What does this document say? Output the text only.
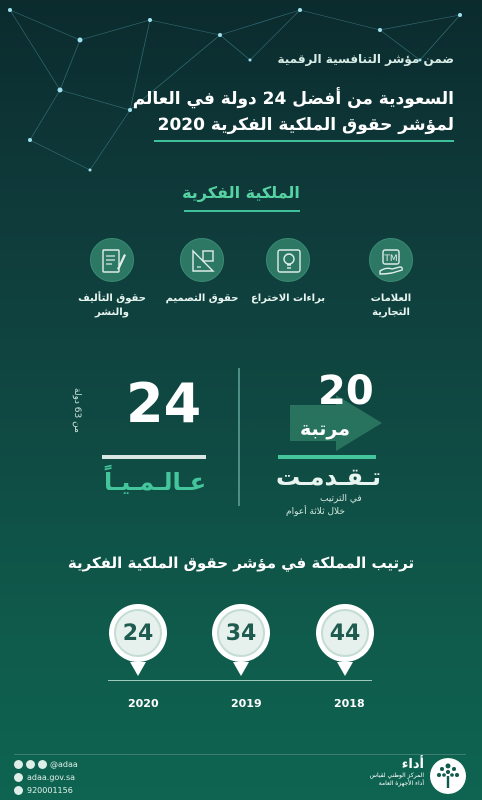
ضمن مؤشر التنافسية الرقمية
السعودية من أفضل 24 دولة في العالم
لمؤشر حقوق الملكية الفكرية 2020
الملكية الفكرية
TM
العلامات التجارية
براءات الاختراع
حقوق التصميم
حقوق التأليف والنشر
20
مرتبة
تـقـدمـت
في الترتيب
خلال ثلاثة أعوام
24
من 63 دولة
عـالـمـيـاً
ترتيب المملكة في مؤشر حقوق الملكية الفكرية
24
2020
34
2019
44
2018
@adaa
adaa.gov.sa
920001156
أداء
المركز الوطني لقياس
أداء الأجهزة العامة
